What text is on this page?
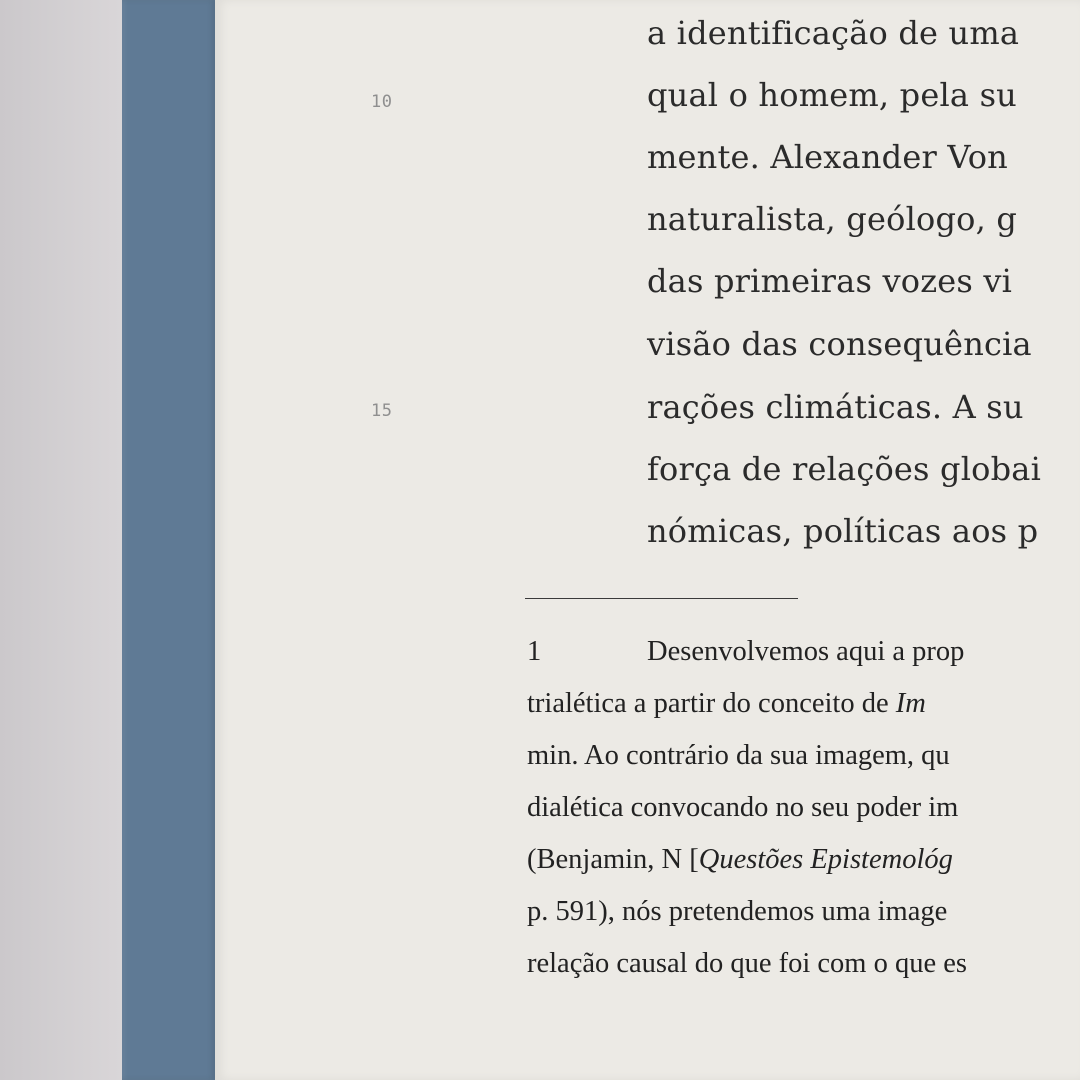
a identificação de uma
qual o homem, pela su
mente. Alexander Von
naturalista, geólogo, g
das primeiras vozes vi
visão das consequência
rações climáticas. A su
força de relações globai
nómicas, políticas aos p
10
15
1	Desenvolvemos aqui a prop
trialética a partir do conceito de Im
min. Ao contrário da sua imagem, qu
dialética convocando no seu poder im
(Benjamin, N [Questões Epistemológ
p. 591), nós pretendemos uma image
relação causal do que foi com o que es
